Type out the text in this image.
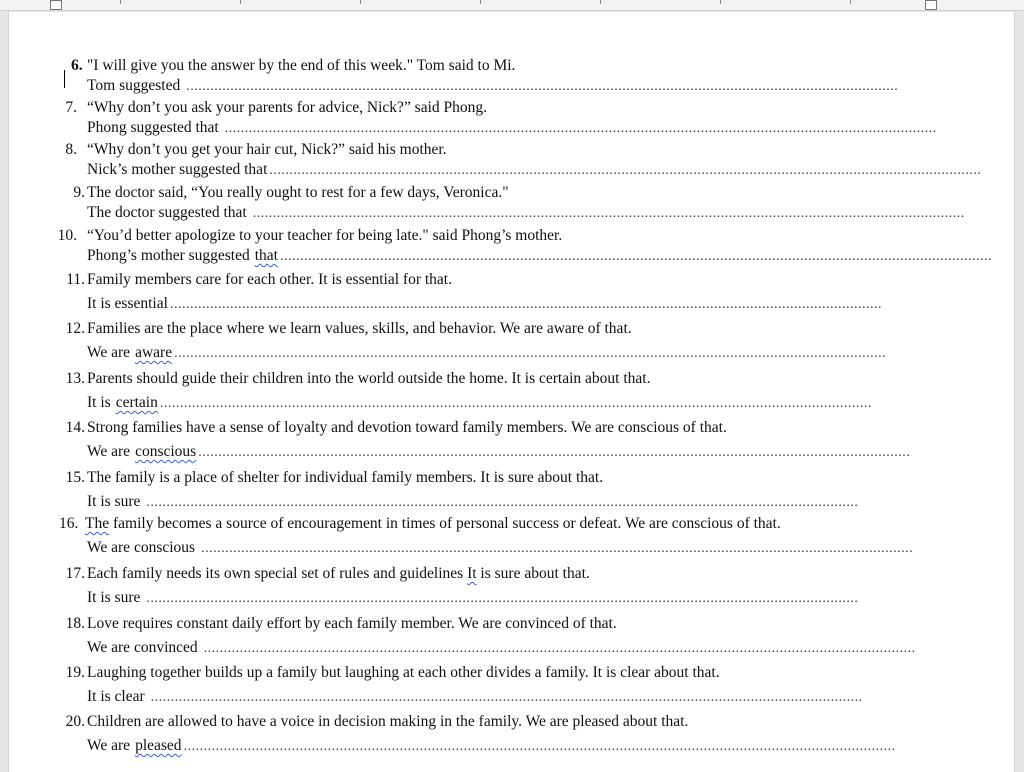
6. "I will give you the answer by the end of this week." Tom said to Mi.
Tom suggested ..................................................................................................................................................................................
7. “Why don’t you ask your parents for advice, Nick?” said Phong.
Phong suggested that ..................................................................................................................................................................................
8. “Why don’t you get your hair cut, Nick?” said his mother.
Nick’s mother suggested that ..................................................................................................................................................................................
9. The doctor said, “You really ought to rest for a few days, Veronica."
The doctor suggested that ..................................................................................................................................................................................
10. “You’d better apologize to your teacher for being late." said Phong’s mother.
Phong’s mother suggested that ..................................................................................................................................................................................
11. Family members care for each other. It is essential for that.
It is essential ..................................................................................................................................................................................
12. Families are the place where we learn values, skills, and behavior. We are aware of that.
We are aware ..................................................................................................................................................................................
13. Parents should guide their children into the world outside the home. It is certain about that.
It is certain ..................................................................................................................................................................................
14. Strong families have a sense of loyalty and devotion toward family members. We are conscious of that.
We are conscious ..................................................................................................................................................................................
15. The family is a place of shelter for individual family members. It is sure about that.
It is sure ..................................................................................................................................................................................
16. The family becomes a source of encouragement in times of personal success or defeat. We are conscious of that.
We are conscious ..................................................................................................................................................................................
17. Each family needs its own special set of rules and guidelines It is sure about that.
It is sure ..................................................................................................................................................................................
18. Love requires constant daily effort by each family member. We are convinced of that.
We are convinced ..................................................................................................................................................................................
19. Laughing together builds up a family but laughing at each other divides a family. It is clear about that.
It is clear ..................................................................................................................................................................................
20. Children are allowed to have a voice in decision making in the family. We are pleased about that.
We are pleased ..................................................................................................................................................................................
